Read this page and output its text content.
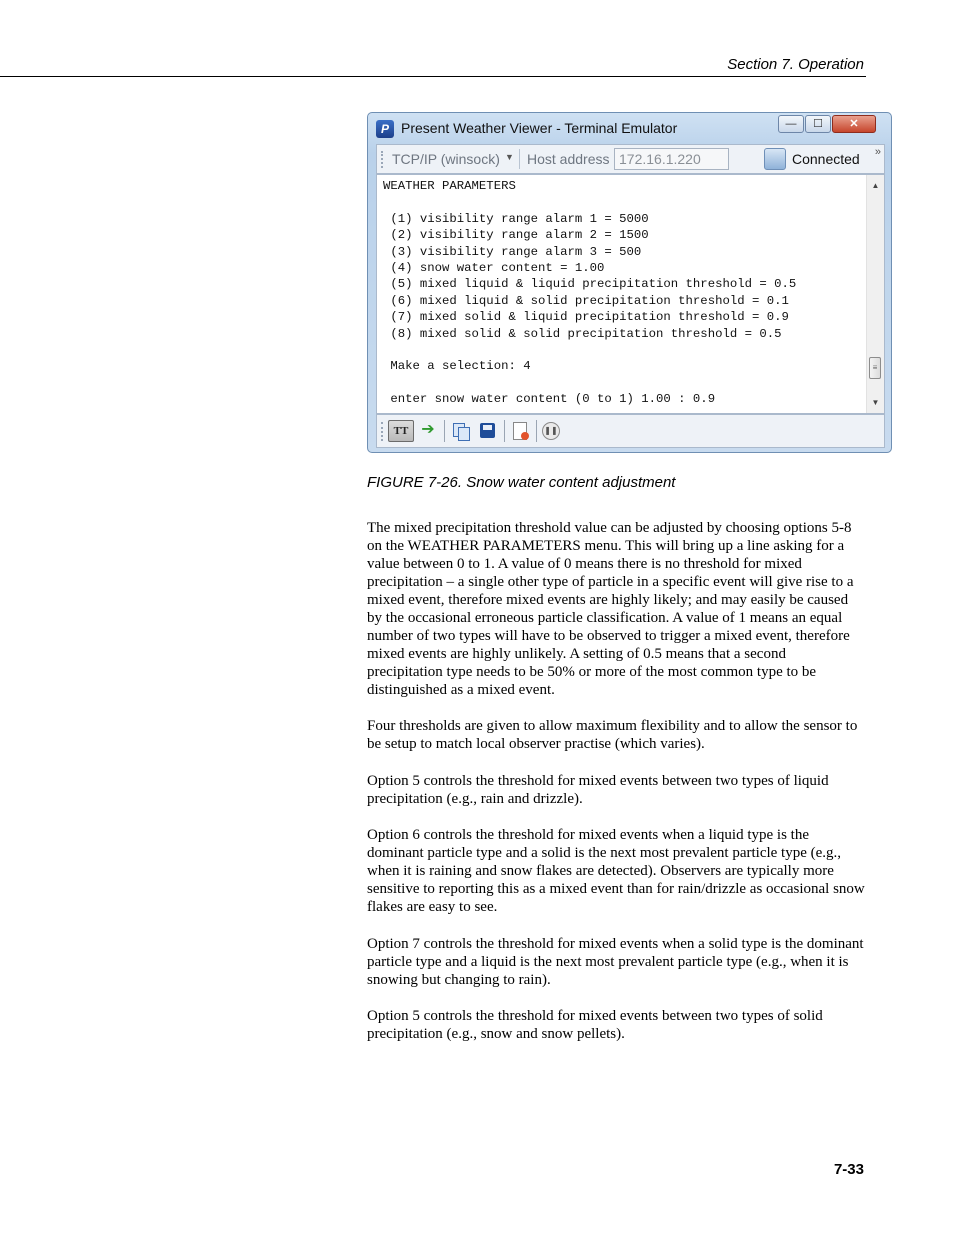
Section 7. Operation
P Present Weather Viewer - Terminal Emulator	—	☐	✕
TCP/IP (winsock) ▼ Host address
172.16.1.220	Connected »
WEATHER PARAMETERS

(1) visibility range alarm 1 = 5000
(2) visibility range alarm 2 = 1500
(3) visibility range alarm 3 = 500
(4) snow water content = 1.00
(5) mixed liquid & liquid precipitation threshold = 0.5
(6) mixed liquid & solid precipitation threshold = 0.1
(7) mixed solid & liquid precipitation threshold = 0.9
(8) mixed solid & solid precipitation threshold = 0.5

Make a selection: 4

enter snow water content (0 to 1) 1.00 : 0.9
▲
≡
▼
TT ➔	❚❚
FIGURE 7-26. Snow water content adjustment

The mixed precipitation threshold value can be adjusted by choosing options 5-8 on the WEATHER PARAMETERS menu. This will bring up a line asking for a value between 0 to 1. A value of 0 means there is no threshold for mixed precipitation – a single other type of particle in a specific event will give rise to a mixed event, therefore mixed events are highly likely; and may easily be caused by the occasional erroneous particle classification. A value of 1 means an equal number of two types will have to be observed to trigger a mixed event, therefore mixed events are highly unlikely. A setting of 0.5 means that a second precipitation type needs to be 50% or more of the most common type to be distinguished as a mixed event.

Four thresholds are given to allow maximum flexibility and to allow the sensor to be setup to match local observer practise (which varies).

Option 5 controls the threshold for mixed events between two types of liquid precipitation (e.g., rain and drizzle).

Option 6 controls the threshold for mixed events when a liquid type is the dominant particle type and a solid is the next most prevalent particle type (e.g., when it is raining and snow flakes are detected). Observers are typically more sensitive to reporting this as a mixed event than for rain/drizzle as occasional snow flakes are easy to see.

Option 7 controls the threshold for mixed events when a solid type is the dominant particle type and a liquid is the next most prevalent particle type (e.g., when it is snowing but changing to rain).

Option 5 controls the threshold for mixed events between two types of solid precipitation (e.g., snow and snow pellets).

7-33
